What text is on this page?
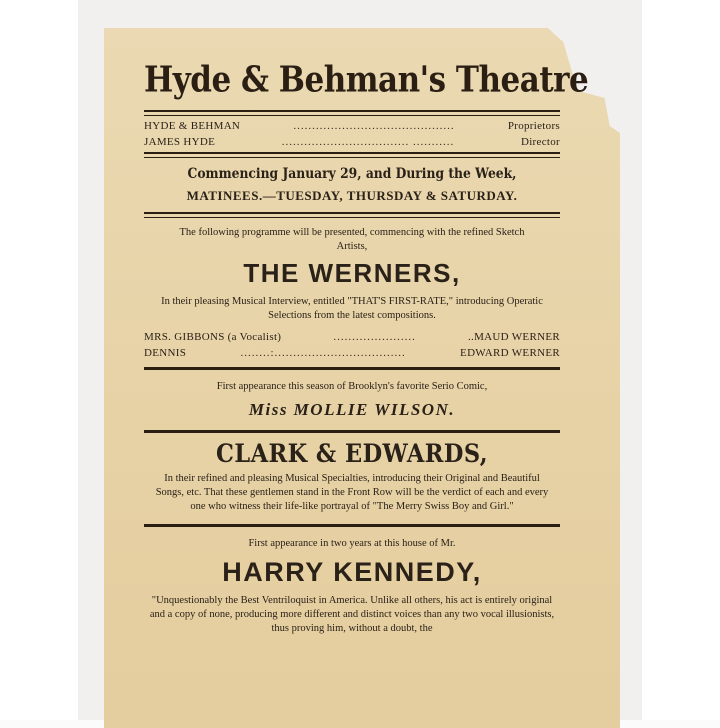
Hyde & Behman's Theatre
HYDE & BEHMAN	...........................................	Proprietors
JAMES HYDE	.................................. ...........	Director
Commencing January 29, and During the Week,
MATINEES.—TUESDAY, THURSDAY & SATURDAY.
The following programme will be presented, commencing with the refined Sketch Artists,
THE WERNERS,
In their pleasing Musical Interview, entitled "THAT'S FIRST-RATE," introducing Operatic Selections from the latest compositions.
MRS. GIBBONS (a Vocalist)	......................	..MAUD WERNER
DENNIS	........:...................................	EDWARD WERNER
First appearance this season of Brooklyn's favorite Serio Comic,
Miss MOLLIE WILSON.
CLARK & EDWARDS,
In their refined and pleasing Musical Specialties, introducing their Original and Beautiful Songs, etc. That these gentlemen stand in the Front Row will be the verdict of each and every one who witness their life-like portrayal of "The Merry Swiss Boy and Girl."
First appearance in two years at this house of Mr.
HARRY KENNEDY,
"Unquestionably the Best Ventriloquist in America. Unlike all others, his act is entirely original and a copy of none, producing more different and distinct voices than any two vocal illusionists, thus proving him, without a doubt, the
